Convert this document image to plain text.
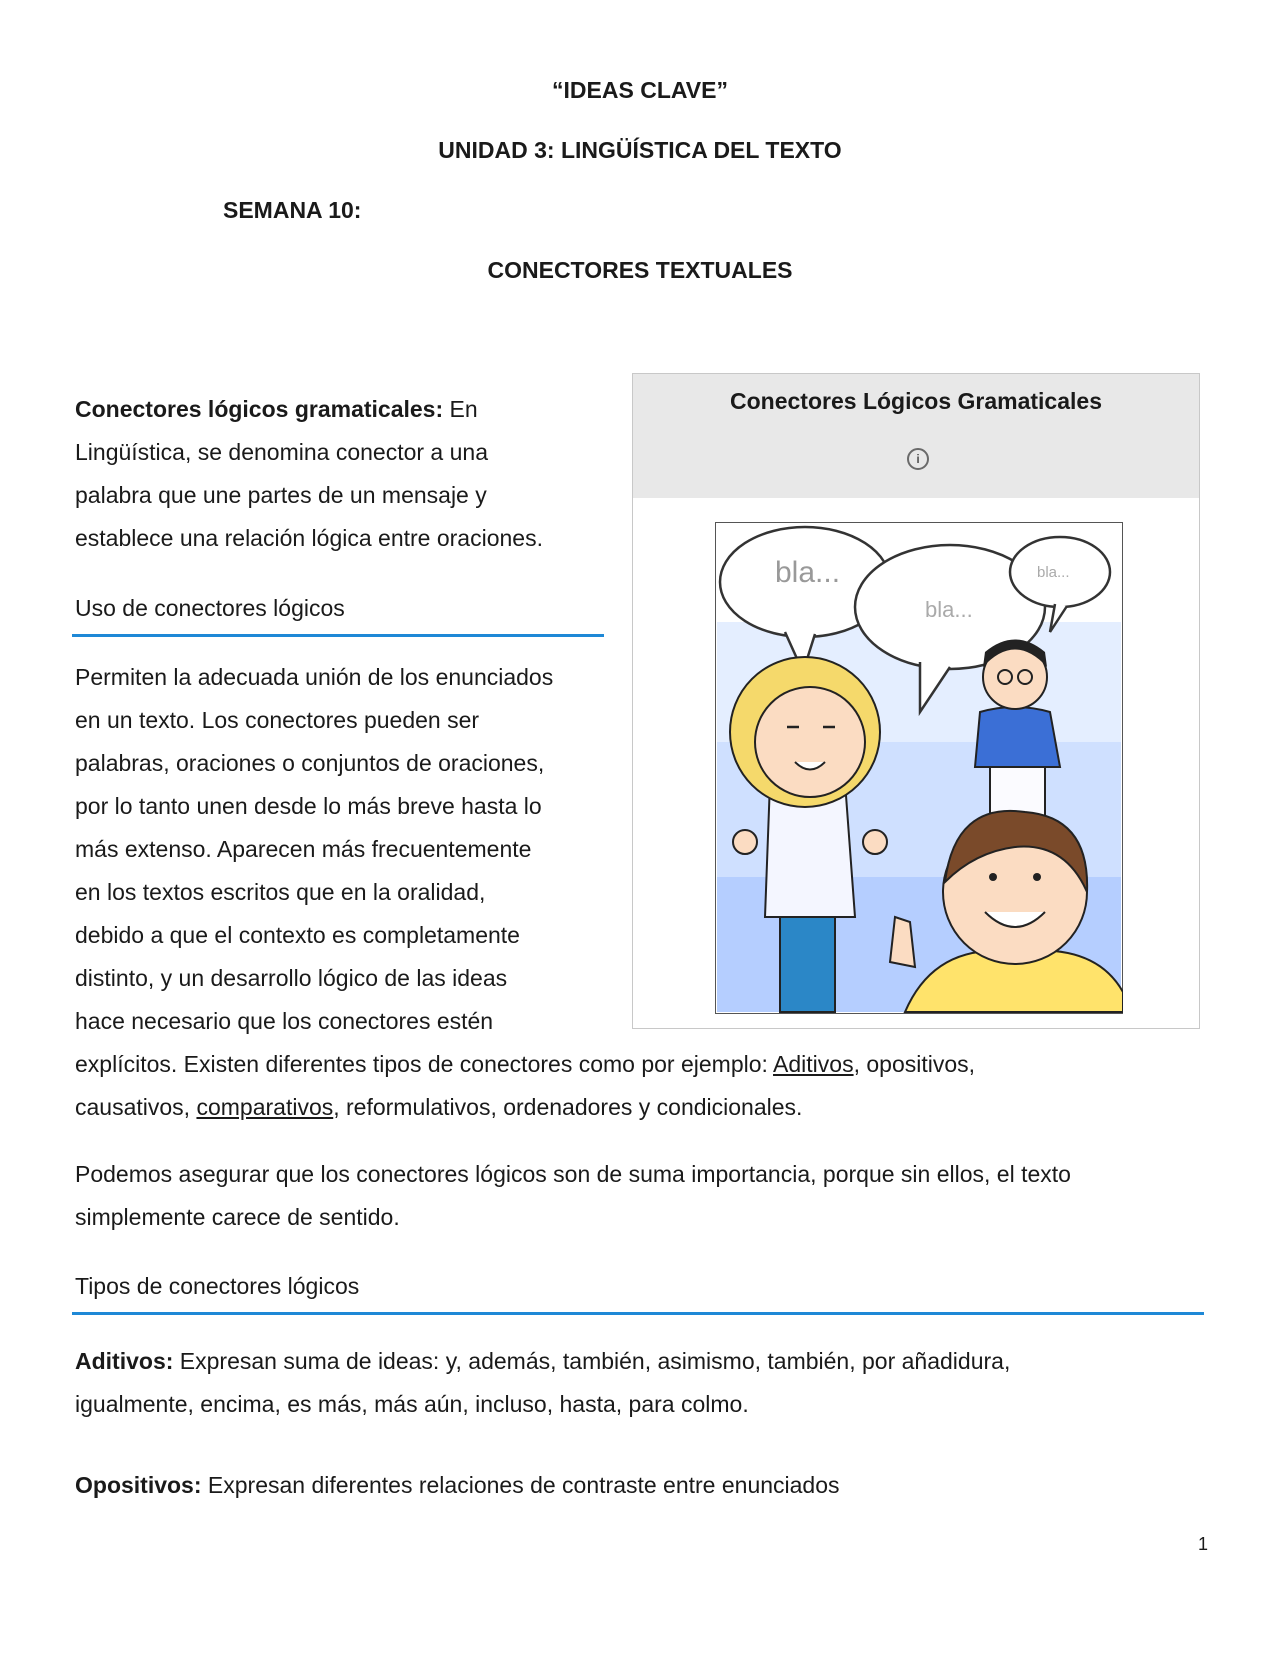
“IDEAS CLAVE”
UNIDAD 3: LINGÜÍSTICA DEL TEXTO
SEMANA 10:
CONECTORES TEXTUALES
Conectores lógicos gramaticales: En
Lingüística, se denomina conector a una
palabra que une partes de un mensaje y
establece una relación lógica entre oraciones.
Uso de conectores lógicos
Permiten la adecuada unión de los enunciados
en un texto. Los conectores pueden ser
palabras, oraciones o conjuntos de oraciones,
por lo tanto unen desde lo más breve hasta lo
más extenso. Aparecen más frecuentemente
en los textos escritos que en la oralidad,
debido a que el contexto es completamente
distinto, y un desarrollo lógico de las ideas
hace necesario que los conectores estén
explícitos. Existen diferentes tipos de conectores como por ejemplo: Aditivos, opositivos,
causativos, comparativos, reformulativos, ordenadores y condicionales.
Podemos asegurar que los conectores lógicos son de suma importancia, porque sin ellos, el texto
simplemente carece de sentido.
Tipos de conectores lógicos
Aditivos: Expresan suma de ideas: y, además, también, asimismo, también, por añadidura,
igualmente, encima, es más, más aún, incluso, hasta, para colmo.
Opositivos: Expresan diferentes relaciones de contraste entre enunciados
1
Conectores Lógicos Gramaticales
i
bla...
bla...
bla...
